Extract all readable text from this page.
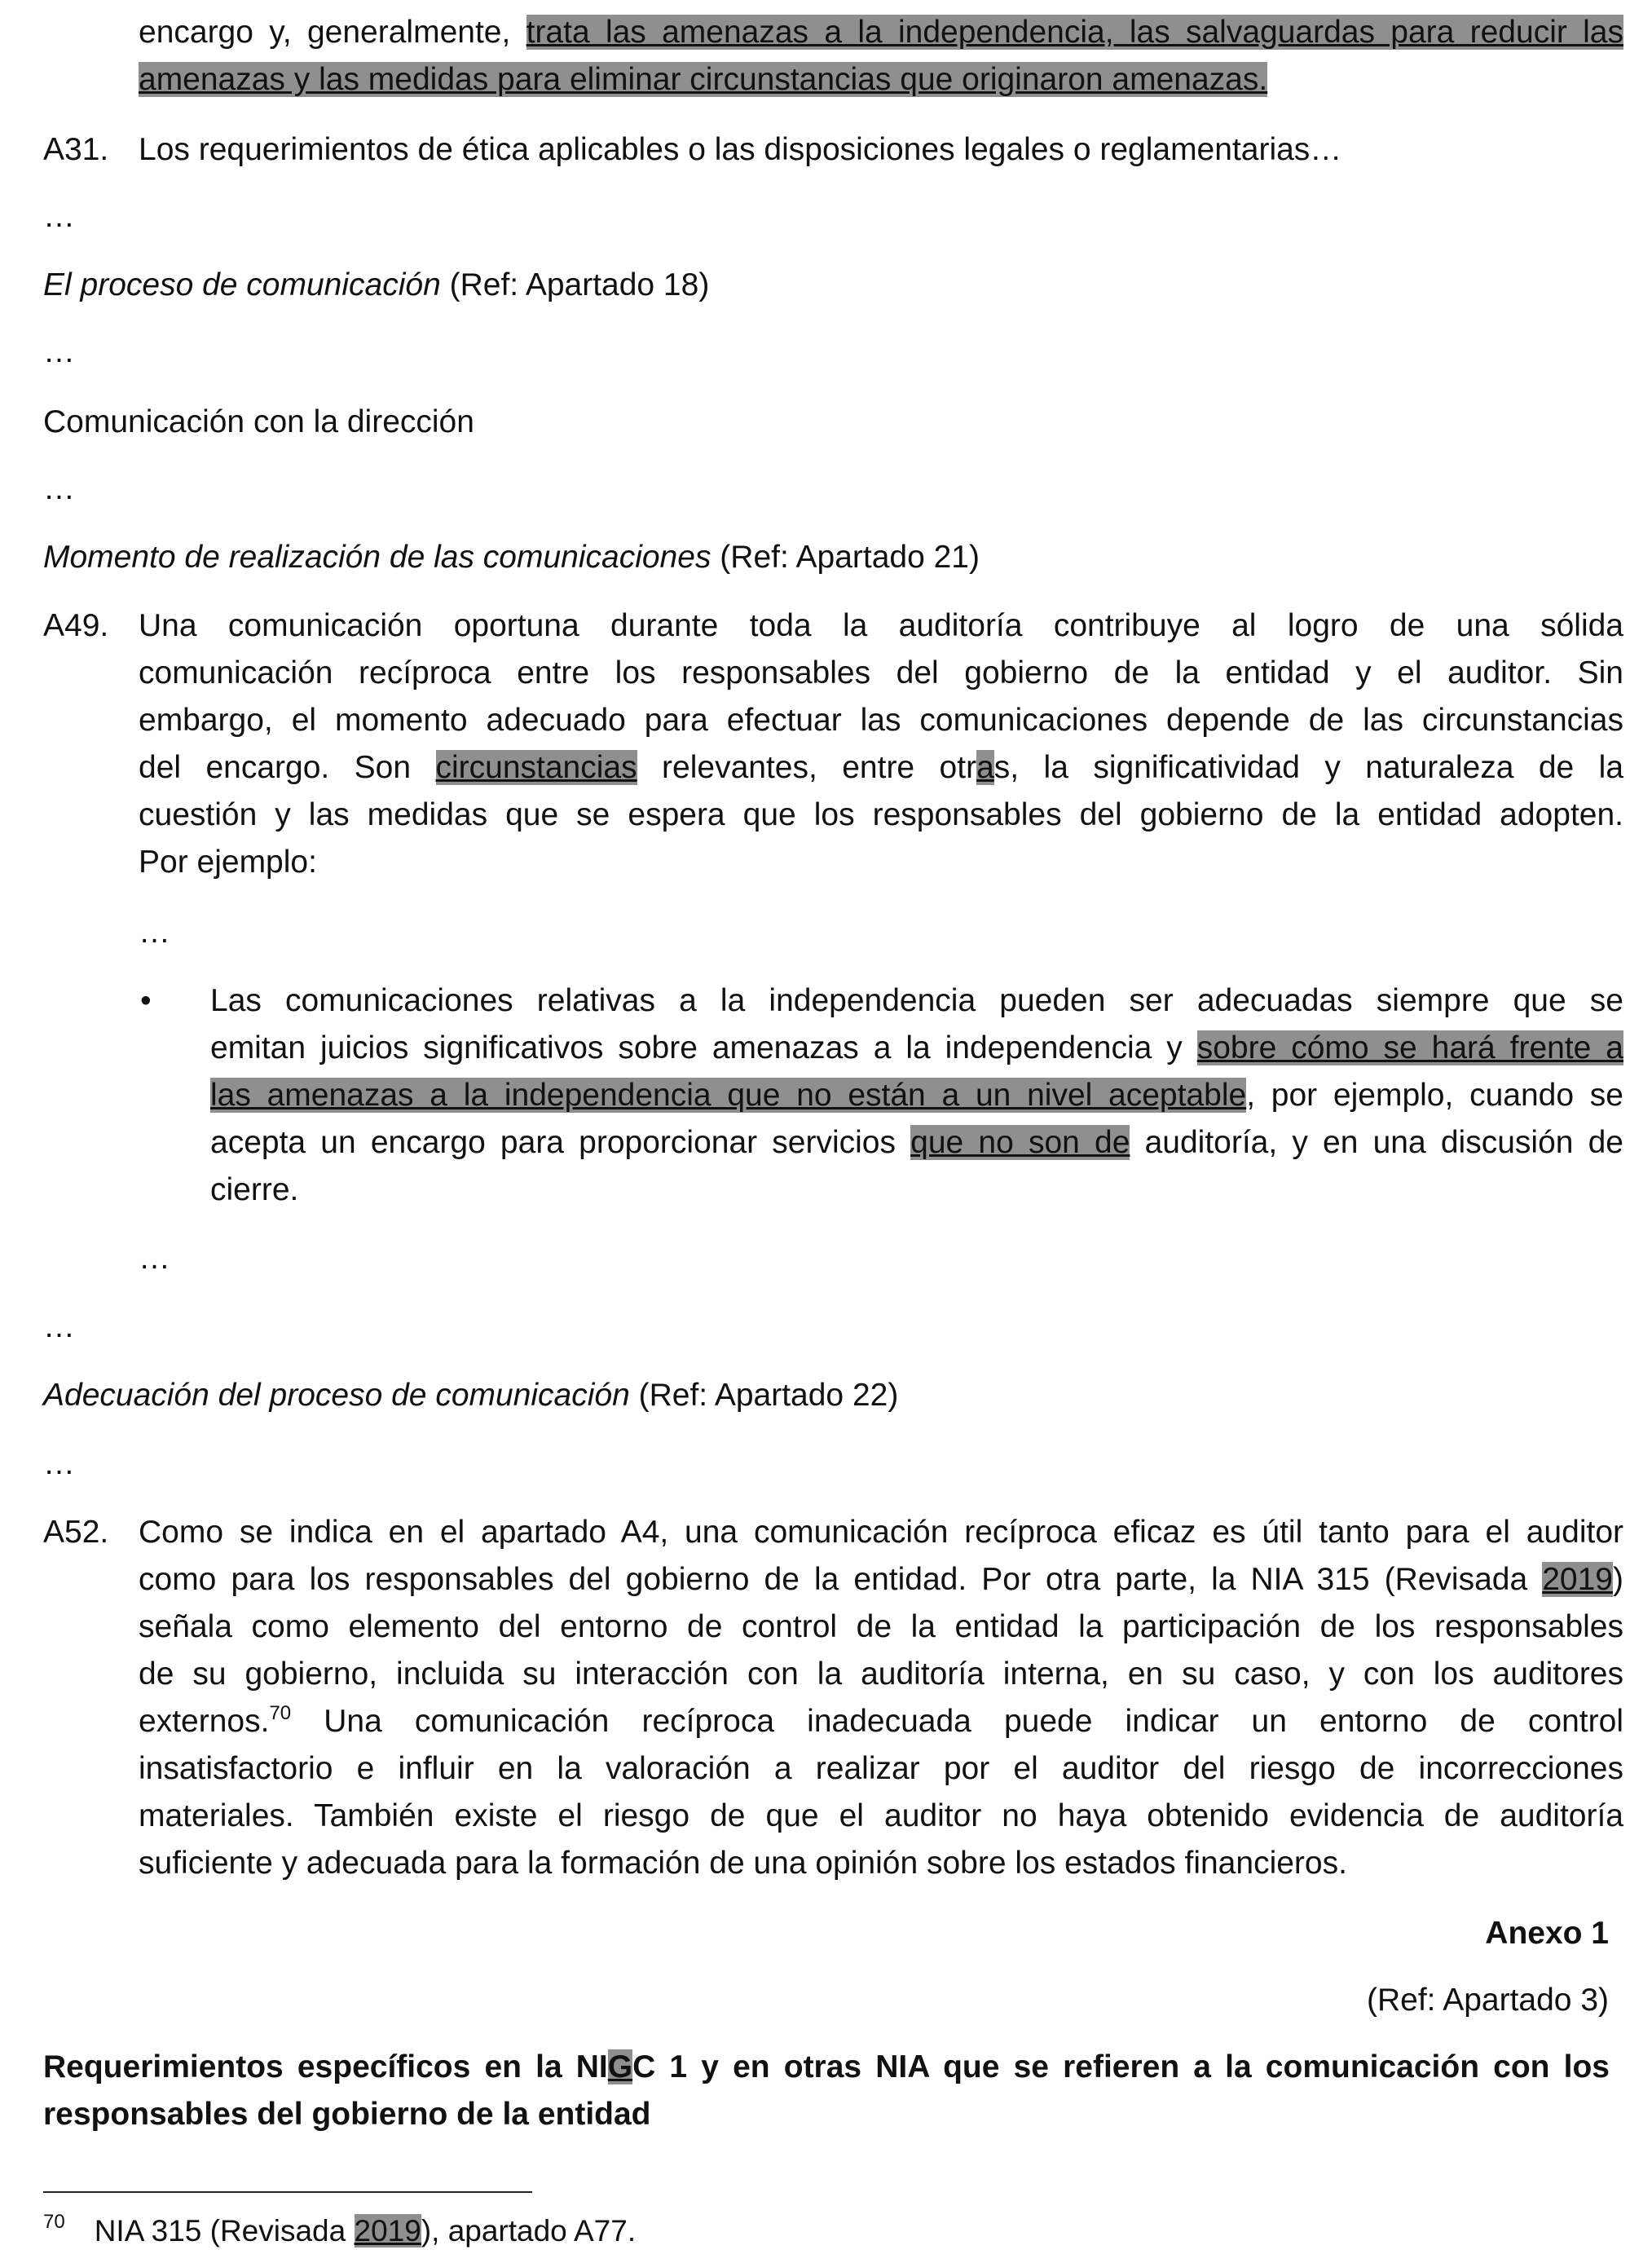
encargo y, generalmente, trata las amenazas a la independencia, las salvaguardas para reducir las
amenazas y las medidas para eliminar circunstancias que originaron amenazas.
A31. Los requerimientos de ética aplicables o las disposiciones legales o reglamentarias…
…
El proceso de comunicación (Ref: Apartado 18)
…
Comunicación con la dirección
…
Momento de realización de las comunicaciones (Ref: Apartado 21)
A49. Una comunicación oportuna durante toda la auditoría contribuye al logro de una sólida
comunicación recíproca entre los responsables del gobierno de la entidad y el auditor. Sin
embargo, el momento adecuado para efectuar las comunicaciones depende de las circunstancias
del encargo. Son circunstancias relevantes, entre otras, la significatividad y naturaleza de la
cuestión y las medidas que se espera que los responsables del gobierno de la entidad adopten.
Por ejemplo:
…
• Las comunicaciones relativas a la independencia pueden ser adecuadas siempre que se
emitan juicios significativos sobre amenazas a la independencia y sobre cómo se hará frente a
las amenazas a la independencia que no están a un nivel aceptable, por ejemplo, cuando se
acepta un encargo para proporcionar servicios que no son de auditoría, y en una discusión de
cierre.
…
…
Adecuación del proceso de comunicación (Ref: Apartado 22)
…
A52. Como se indica en el apartado A4, una comunicación recíproca eficaz es útil tanto para el auditor
como para los responsables del gobierno de la entidad. Por otra parte, la NIA 315 (Revisada 2019)
señala como elemento del entorno de control de la entidad la participación de los responsables
de su gobierno, incluida su interacción con la auditoría interna, en su caso, y con los auditores
externos.$^{70}$ Una comunicación recíproca inadecuada puede indicar un entorno de control
insatisfactorio e influir en la valoración a realizar por el auditor del riesgo de incorrecciones
materiales. También existe el riesgo de que el auditor no haya obtenido evidencia de auditoría
suficiente y adecuada para la formación de una opinión sobre los estados financieros.
Anexo 1
(Ref: Apartado 3)
Requerimientos específicos en la NIGC 1 y en otras NIA que se refieren a la comunicación con los
responsables del gobierno de la entidad
$^{70}$ NIA 315 (Revisada 2019), apartado A77.
